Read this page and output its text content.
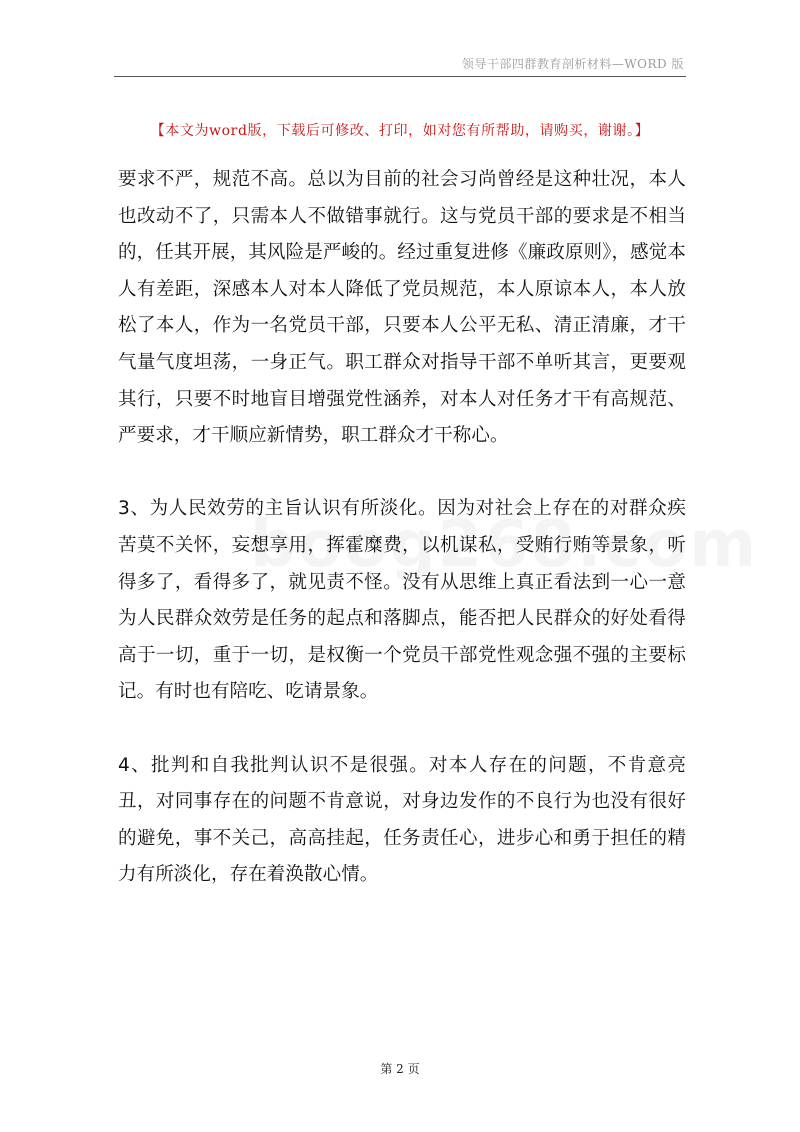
领导干部四群教育剖析材料—WORD 版
【本文为word版，下载后可修改、打印，如对您有所帮助，请购买，谢谢。】

要求不严，规范不高。总以为目前的社会习尚曾经是这种壮况，本人也改动不了，只需本人不做错事就行。这与党员干部的要求是不相当的，任其开展，其风险是严峻的。经过重复进修《廉政原则》，感觉本人有差距，深感本人对本人降低了党员规范，本人原谅本人，本人放松了本人，作为一名党员干部，只要本人公平无私、清正清廉，才干气量气度坦荡，一身正气。职工群众对指导干部不单听其言，更要观其行，只要不时地盲目增强党性涵养，对本人对任务才干有高规范、严要求，才干顺应新情势，职工群众才干称心。

3、为人民效劳的主旨认识有所淡化。因为对社会上存在的对群众疾苦莫不关怀，妄想享用，挥霍糜费，以机谋私，受贿行贿等景象，听得多了，看得多了，就见责不怪。没有从思维上真正看法到一心一意为人民群众效劳是任务的起点和落脚点，能否把人民群众的好处看得高于一切，重于一切，是权衡一个党员干部党性观念强不强的主要标记。有时也有陪吃、吃请景象。

4、批判和自我批判认识不是很强。对本人存在的问题，不肯意亮丑，对同事存在的问题不肯意说，对身边发作的不良行为也没有很好的避免，事不关己，高高挂起，任务责任心，进步心和勇于担任的精力有所淡化，存在着涣散心情。

第 2 页
